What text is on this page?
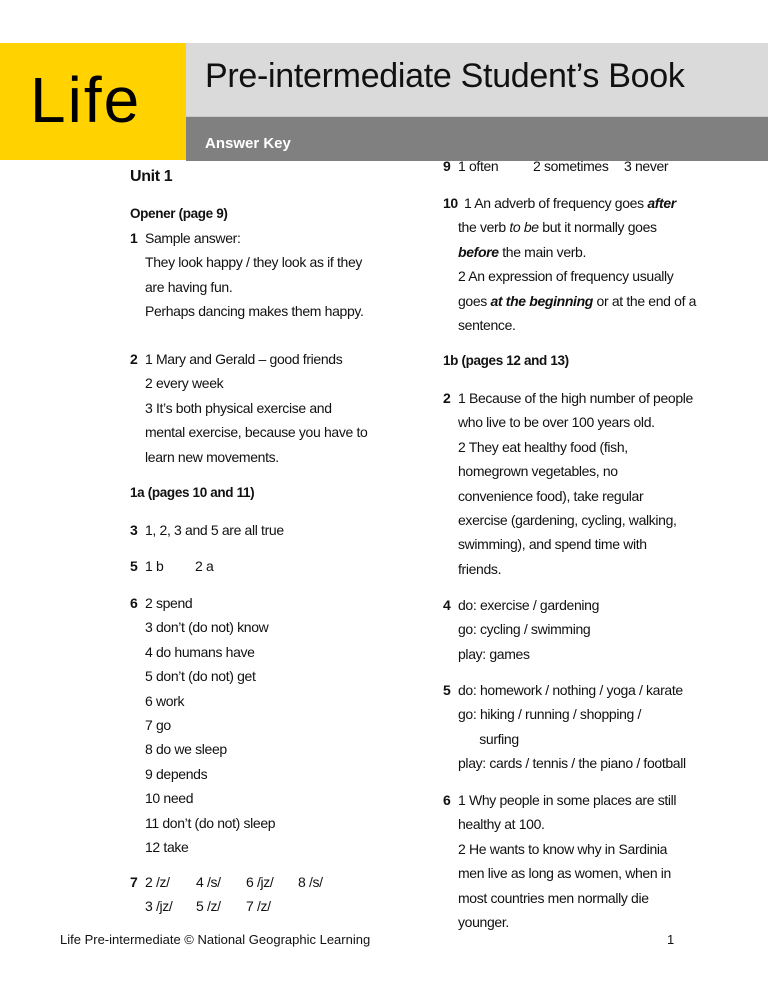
Life Pre-intermediate Student’s Book
Answer Key
Unit 1
Opener (page 9)
1 Sample answer:
They look happy / they look as if they
are having fun.
Perhaps dancing makes them happy.
2 1 Mary and Gerald – good friends
2 every week
3 It’s both physical exercise and
mental exercise, because you have to
learn new movements.
1a (pages 10 and 11)
3 1, 2, 3 and 5 are all true
5 1 b 2 a
6 2 spend
3 don’t (do not) know
4 do humans have
5 don’t (do not) get
6 work
7 go
8 do we sleep
9 depends
10 need
11 don’t (do not) sleep
12 take
7 2 /z/ 4 /s/ 6 /jz/ 8 /s/
3 /jz/ 5 /z/ 7 /z/
9 1 often 2 sometimes 3 never
10 1 An adverb of frequency goes after
the verb to be but it normally goes
before the main verb.
2 An expression of frequency usually
goes at the beginning or at the end of a
sentence.
1b (pages 12 and 13)
2 1 Because of the high number of people
who live to be over 100 years old.
2 They eat healthy food (fish,
homegrown vegetables, no
convenience food), take regular
exercise (gardening, cycling, walking,
swimming), and spend time with
friends.
4 do: exercise / gardening
go: cycling / swimming
play: games
5 do: homework / nothing / yoga / karate
go: hiking / running / shopping /
surfing
play: cards / tennis / the piano / football
6 1 Why people in some places are still
healthy at 100.
2 He wants to know why in Sardinia
men live as long as women, when in
most countries men normally die
younger.
Life Pre-intermediate © National Geographic Learning	1
